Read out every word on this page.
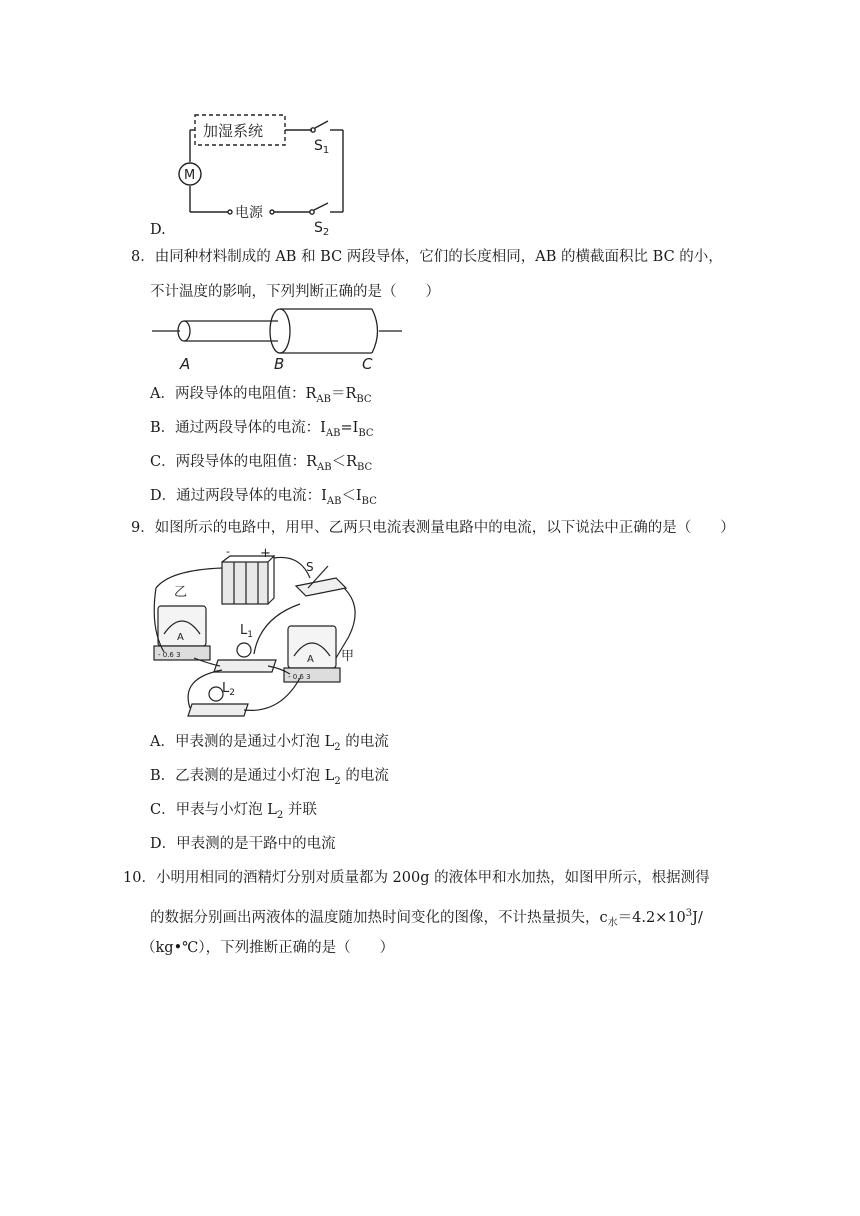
加湿系统
M
电源
$S_1$
$S_2$
D.
8．由同种材料制成的 AB 和 BC 两段导体，它们的长度相同，AB 的横截面积比 BC 的小，
不计温度的影响，下列判断正确的是（　　）
A	B	C
A．两段导体的电阻值：$R_{AB}=R_{BC}$
B．通过两段导体的电流：$I_{AB}=I_{BC}$
C．两段导体的电阻值：$R_{AB}<R_{BC}$
D．通过两段导体的电流：$I_{AB}<I_{BC}$
9．如图所示的电路中，用甲、乙两只电流表测量电路中的电流，以下说法中正确的是（　　）
- +
S
乙
甲
A
A
- 0.6 3
- 0.6 3
$L_1$
$L_2$
A．甲表测的是通过小灯泡 $L_2$ 的电流
B．乙表测的是通过小灯泡 $L_2$ 的电流
C．甲表与小灯泡 $L_2$ 并联
D．甲表测的是干路中的电流
10．小明用相同的酒精灯分别对质量都为 200g 的液体甲和水加热，如图甲所示，根据测得
的数据分别画出两液体的温度随加热时间变化的图像，不计热量损失，$c_水=4.2\times 10^3J/$
（kg•℃），下列推断正确的是（　　）
